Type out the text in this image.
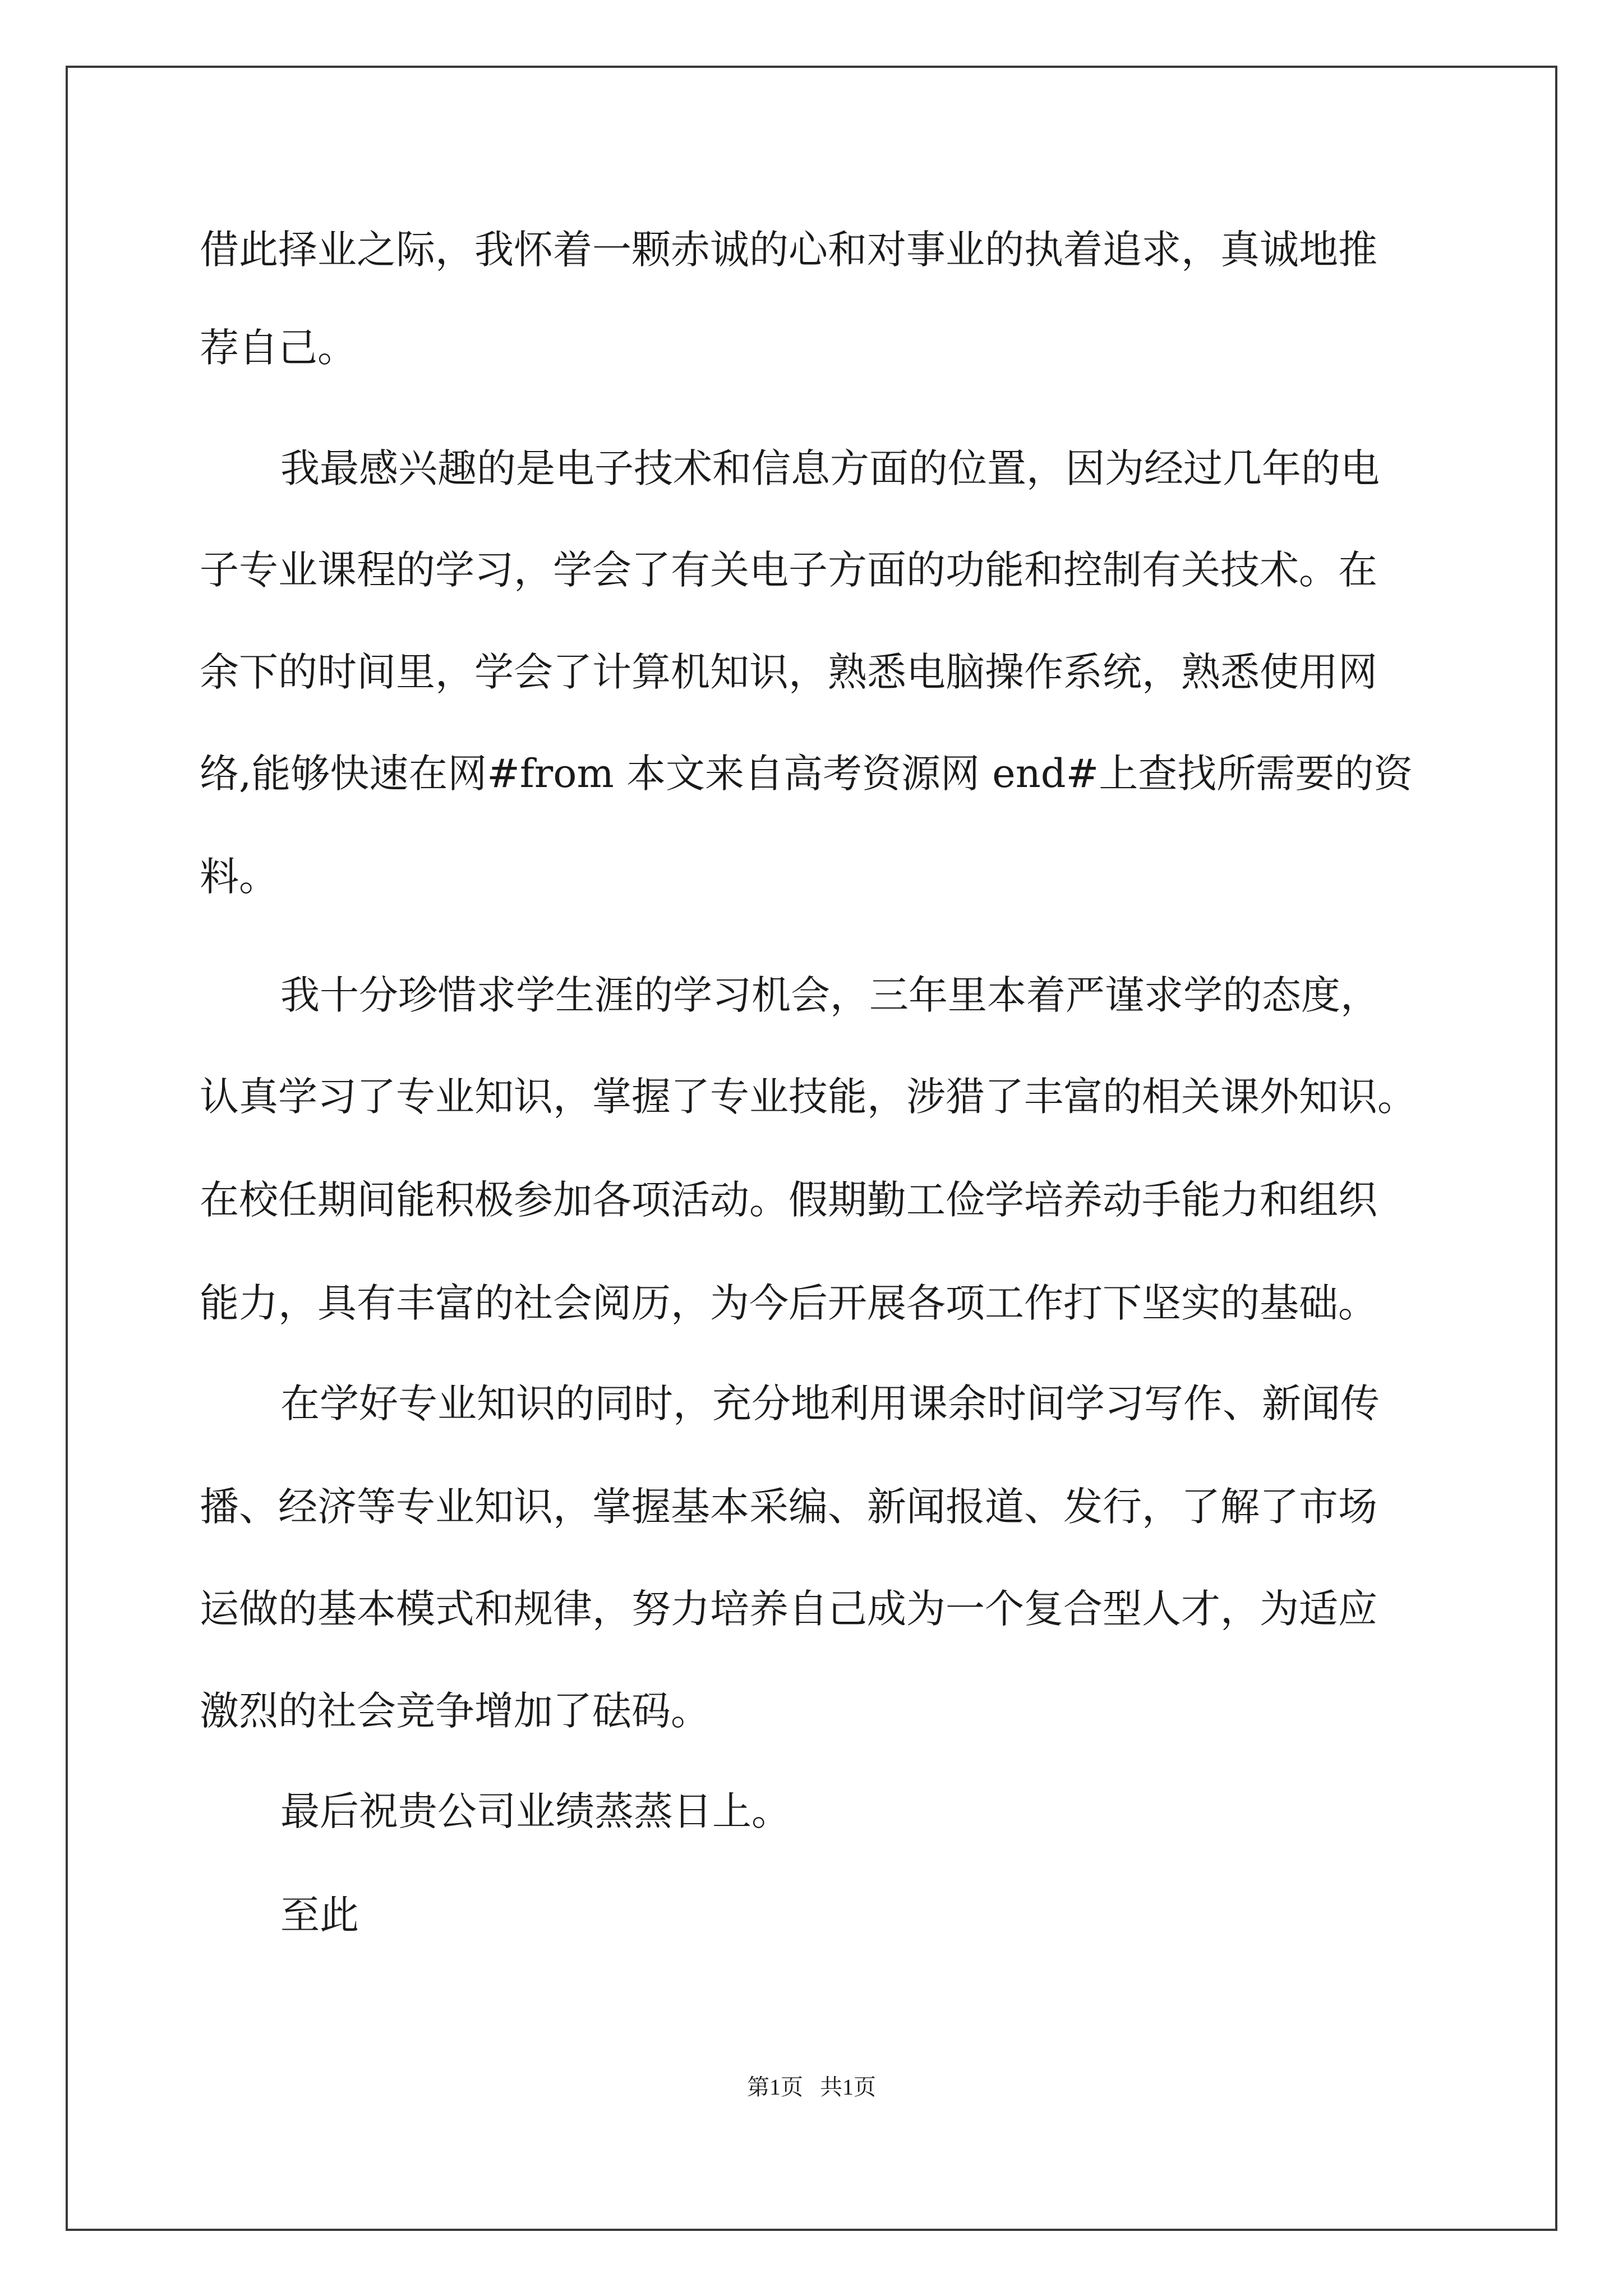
借此择业之际，我怀着一颗赤诚的心和对事业的执着追求，真诚地推
荐自己。
我最感兴趣的是电子技术和信息方面的位置，因为经过几年的电
子专业课程的学习，学会了有关电子方面的功能和控制有关技术。在
余下的时间里，学会了计算机知识，熟悉电脑操作系统，熟悉使用网
络,能够快速在网#from 本文来自高考资源网 end#上查找所需要的资
料。
我十分珍惜求学生涯的学习机会，三年里本着严谨求学的态度，
认真学习了专业知识，掌握了专业技能，涉猎了丰富的相关课外知识。
在校任期间能积极参加各项活动。假期勤工俭学培养动手能力和组织
能力，具有丰富的社会阅历，为今后开展各项工作打下坚实的基础。
在学好专业知识的同时，充分地利用课余时间学习写作、新闻传
播、经济等专业知识，掌握基本采编、新闻报道、发行，了解了市场
运做的基本模式和规律，努力培养自己成为一个复合型人才，为适应
激烈的社会竞争增加了砝码。
最后祝贵公司业绩蒸蒸日上。
至此
第1页   共1页
